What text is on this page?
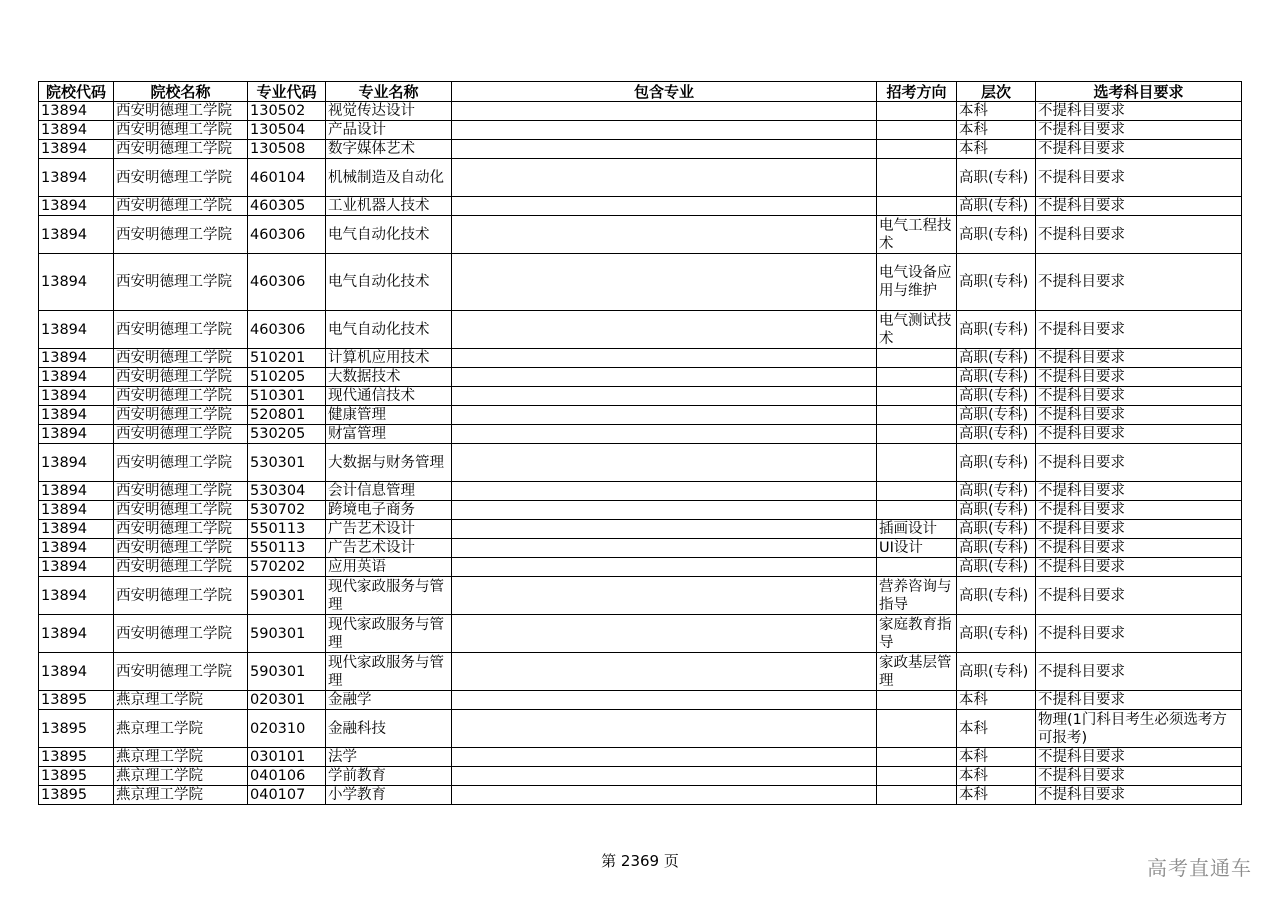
院校代码	院校名称	专业代码	专业名称	包含专业	招考方向	层次	选考科目要求
13894	西安明德理工学院	130502	视觉传达设计			本科	不提科目要求
13894	西安明德理工学院	130504	产品设计			本科	不提科目要求
13894	西安明德理工学院	130508	数字媒体艺术			本科	不提科目要求
13894	西安明德理工学院	460104	机械制造及自动化			高职(专科)	不提科目要求
13894	西安明德理工学院	460305	工业机器人技术			高职(专科)	不提科目要求
13894	西安明德理工学院	460306	电气自动化技术		电气工程技术	高职(专科)	不提科目要求
13894	西安明德理工学院	460306	电气自动化技术		电气设备应用与维护	高职(专科)	不提科目要求
13894	西安明德理工学院	460306	电气自动化技术		电气测试技术	高职(专科)	不提科目要求
13894	西安明德理工学院	510201	计算机应用技术			高职(专科)	不提科目要求
13894	西安明德理工学院	510205	大数据技术			高职(专科)	不提科目要求
13894	西安明德理工学院	510301	现代通信技术			高职(专科)	不提科目要求
13894	西安明德理工学院	520801	健康管理			高职(专科)	不提科目要求
13894	西安明德理工学院	530205	财富管理			高职(专科)	不提科目要求
13894	西安明德理工学院	530301	大数据与财务管理			高职(专科)	不提科目要求
13894	西安明德理工学院	530304	会计信息管理			高职(专科)	不提科目要求
13894	西安明德理工学院	530702	跨境电子商务			高职(专科)	不提科目要求
13894	西安明德理工学院	550113	广告艺术设计		插画设计	高职(专科)	不提科目要求
13894	西安明德理工学院	550113	广告艺术设计		UI设计	高职(专科)	不提科目要求
13894	西安明德理工学院	570202	应用英语			高职(专科)	不提科目要求
13894	西安明德理工学院	590301	现代家政服务与管理		营养咨询与指导	高职(专科)	不提科目要求
13894	西安明德理工学院	590301	现代家政服务与管理		家庭教育指导	高职(专科)	不提科目要求
13894	西安明德理工学院	590301	现代家政服务与管理		家政基层管理	高职(专科)	不提科目要求
13895	燕京理工学院	020301	金融学			本科	不提科目要求
13895	燕京理工学院	020310	金融科技			本科	物理(1门科目考生必须选考方可报考)
13895	燕京理工学院	030101	法学			本科	不提科目要求
13895	燕京理工学院	040106	学前教育			本科	不提科目要求
13895	燕京理工学院	040107	小学教育			本科	不提科目要求
第 2369 页	高考直通车
